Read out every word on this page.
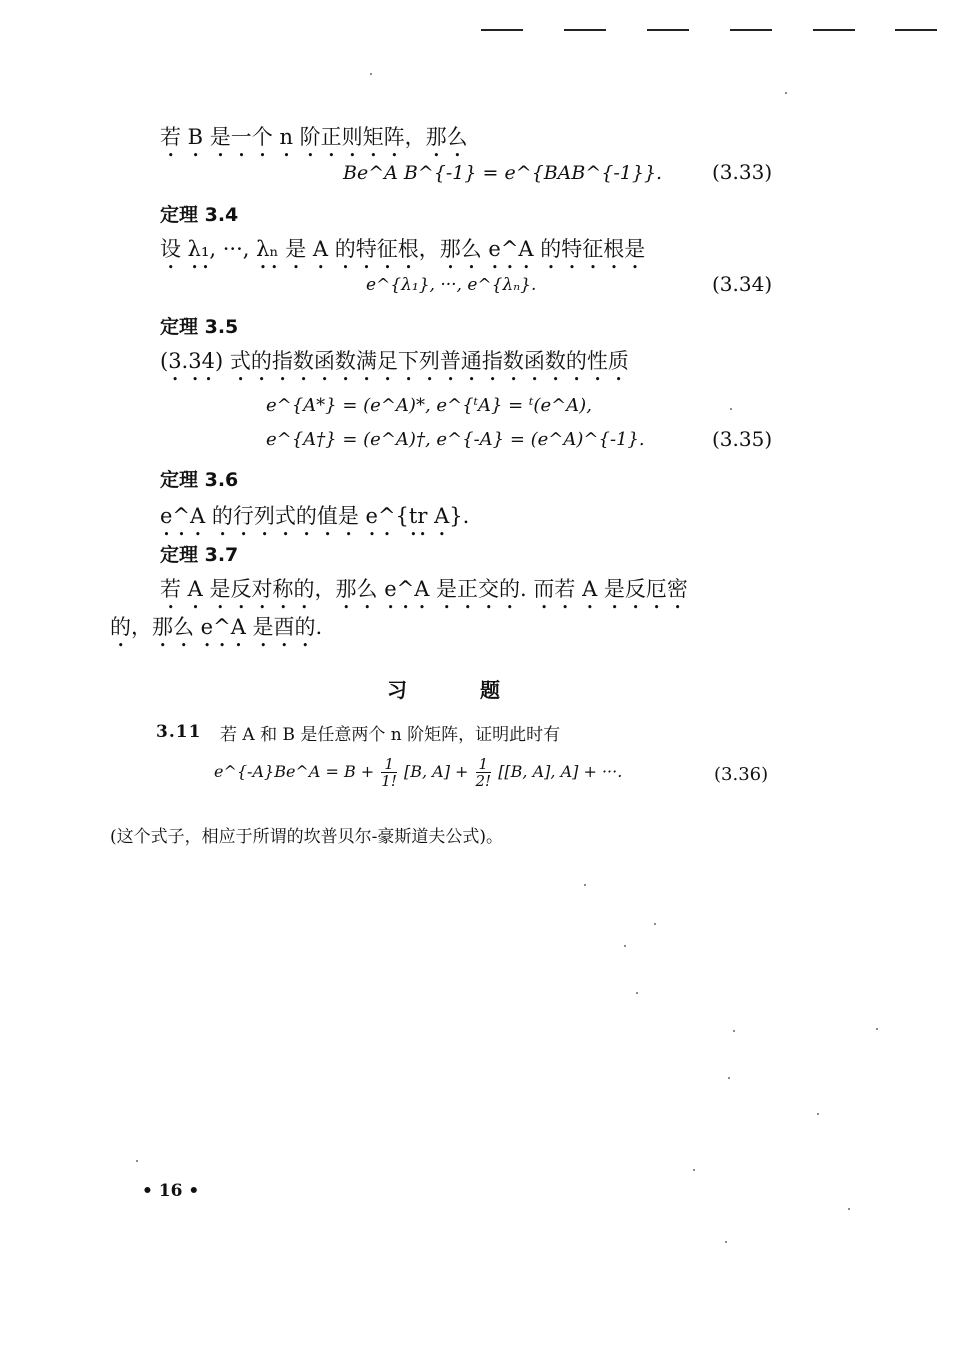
若 B 是一个 n 阶正则矩阵，那么
Be^A B^{-1} = e^{BAB^{-1}}. (3.33)
定理 3.4
设 λ₁, ···, λₙ 是 A 的特征根，那么 e^A 的特征根是
e^{λ₁}, ···, e^{λₙ}.	(3.34)
定理 3.5
(3.34) 式的指数函数满足下列普通指数函数的性质
e^{A*} = (e^A)*, e^{ᵗA} = ᵗ(e^A),
e^{A†} = (e^A)†, e^{-A} = (e^A)^{-1}.	(3.35)
定理 3.6
e^A 的行列式的值是 e^{tr A}.
定理 3.7
若 A 是反对称的，那么 e^A 是正交的. 而若 A 是反厄密
的，那么 e^A 是酉的.
习	题
3.11 若 A 和 B 是任意两个 n 阶矩阵，证明此时有
e^{-A}Be^A = $B + \frac{1}{1!} [B$, $A] + \frac{1}{2!} [[B$, A], A] + ···.	(3.36)
(这个式子，相应于所谓的坎普贝尔-豪斯道夫公式)。
• 16 •
